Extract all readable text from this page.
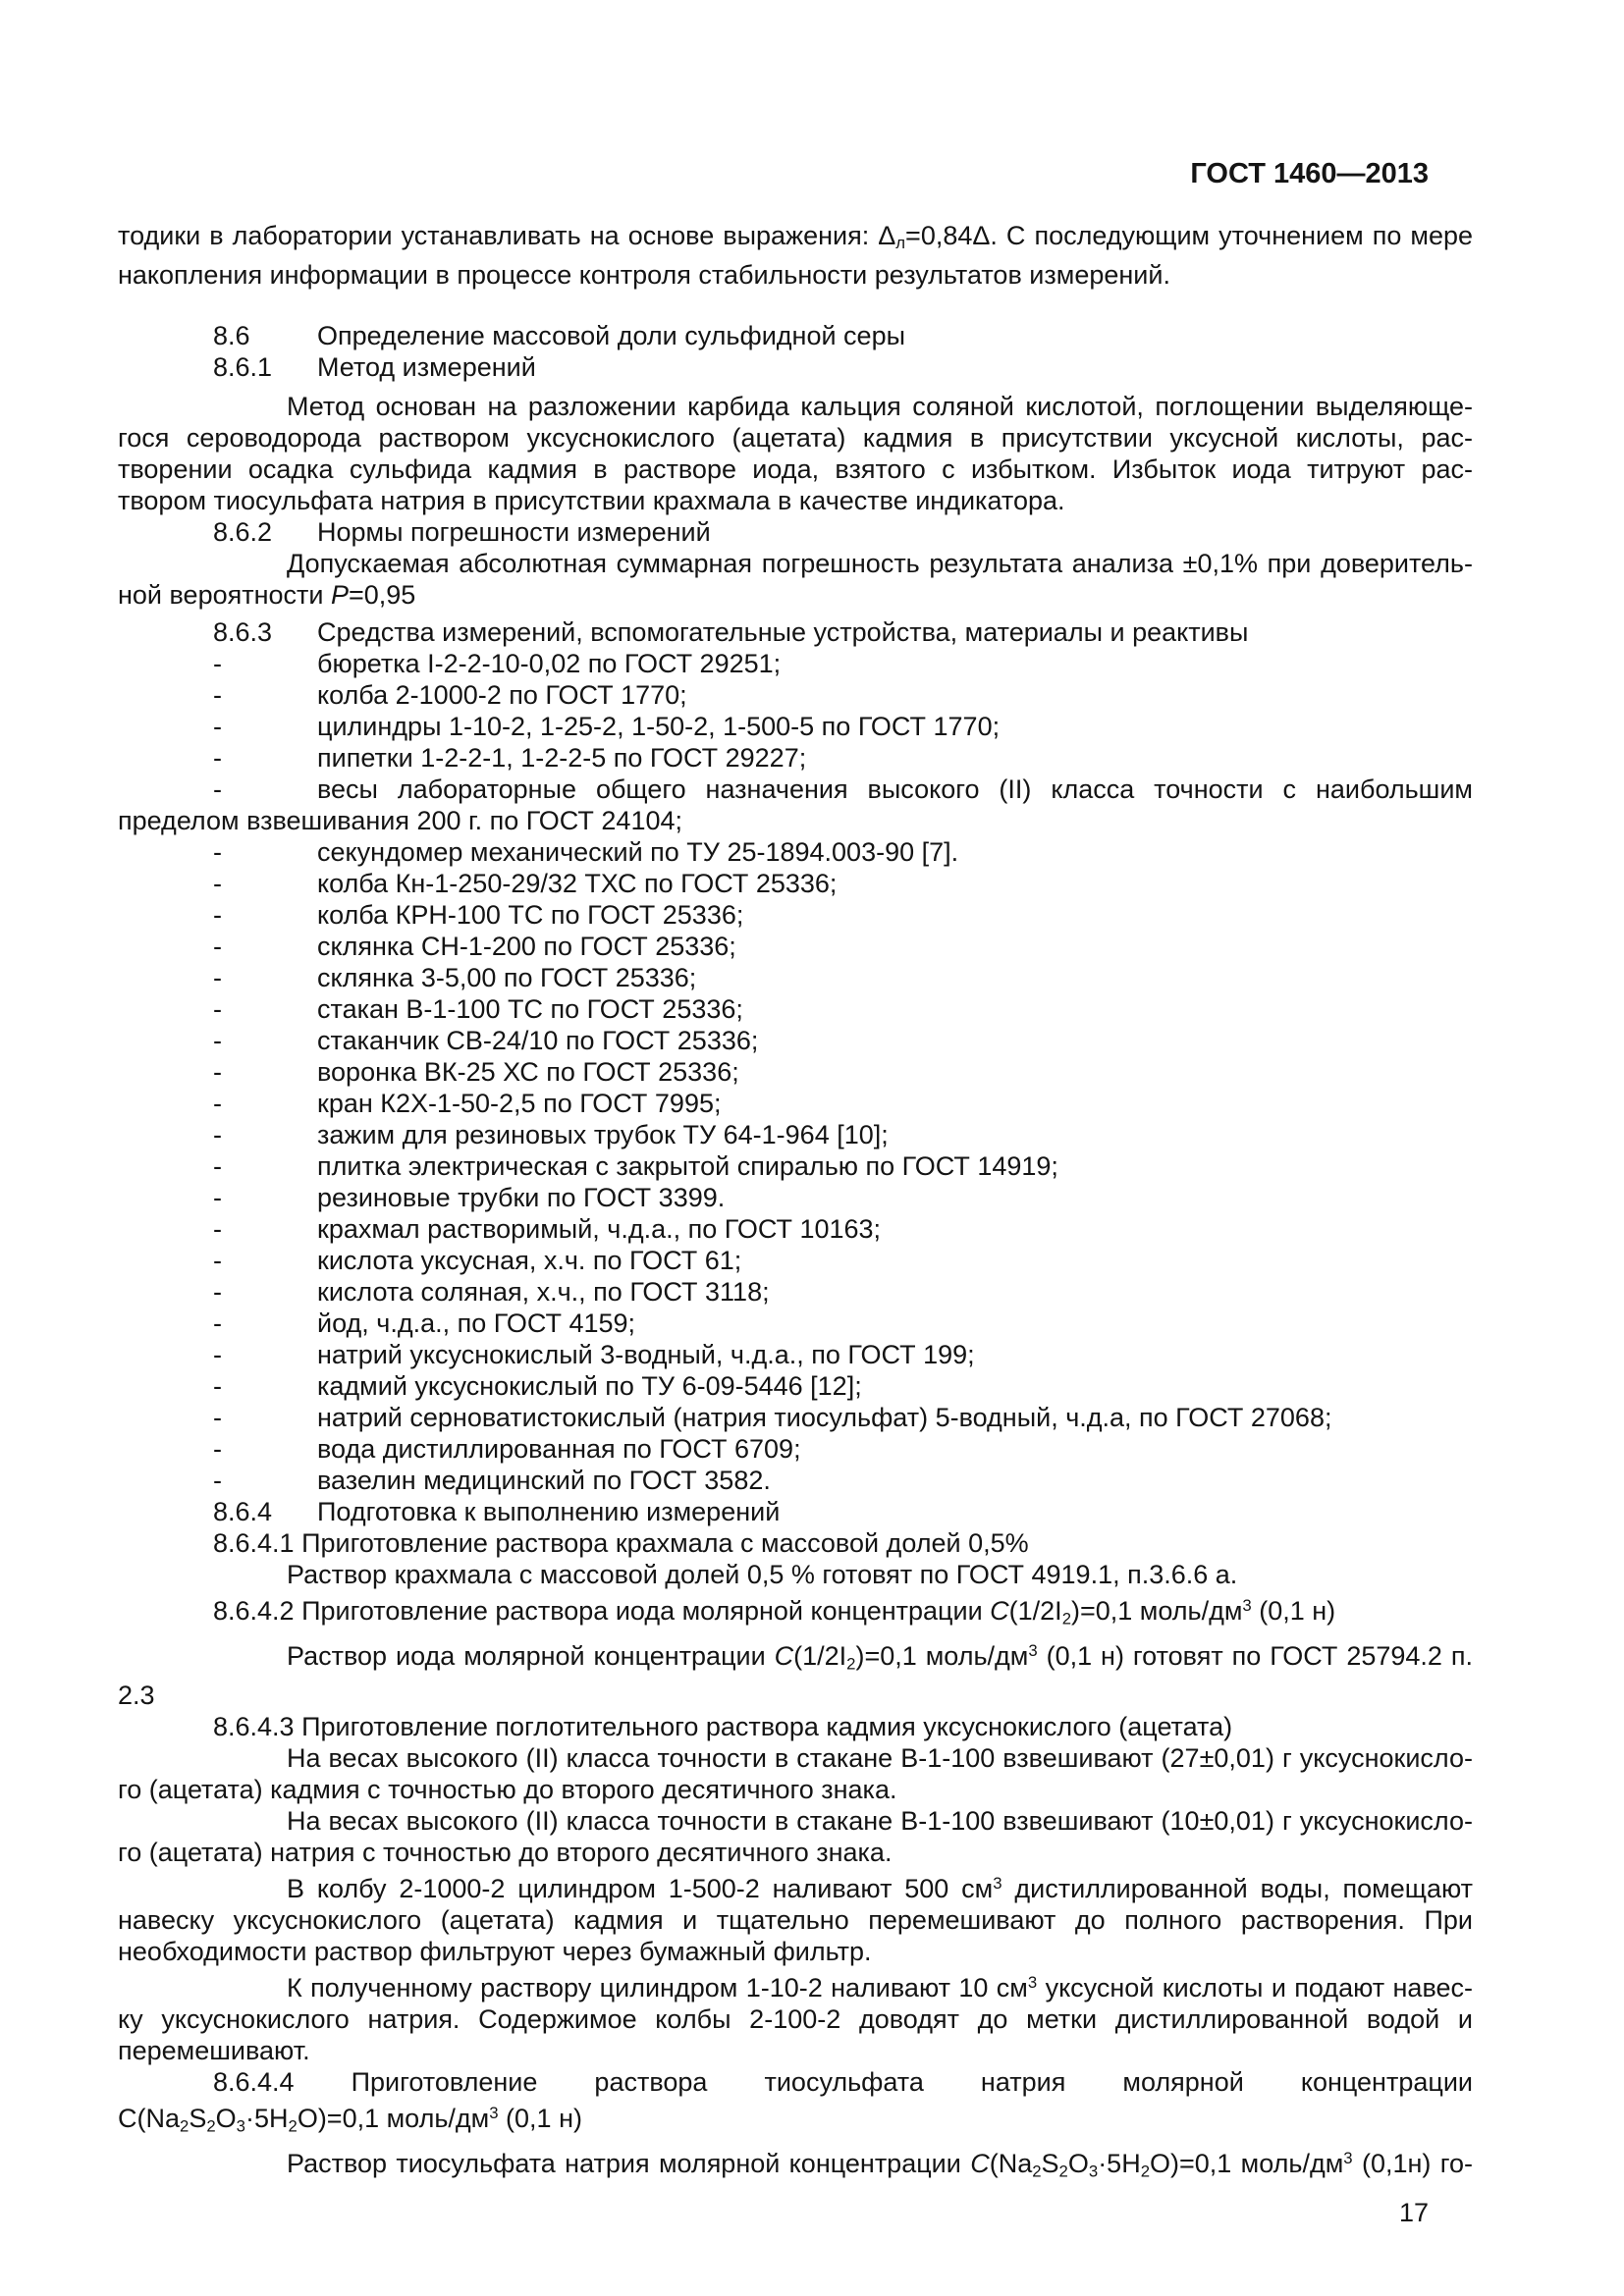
ГОСТ 1460—2013
тодики в лаборатории устанавливать на основе выражения: Δл=0,84Δ. С последующим уточнением по мере
накопления информации в процессе контроля стабильности результатов измерений.
8.6	Определение массовой доли сульфидной серы
8.6.1 Метод измерений
Метод основан на разложении карбида кальция соляной кислотой, поглощении выделяюще-
гося сероводорода раствором уксуснокислого (ацетата) кадмия в присутствии уксусной кислоты, рас-
творении осадка сульфида кадмия в растворе иода, взятого с избытком. Избыток иода титруют рас-
твором тиосульфата натрия в присутствии крахмала в качестве индикатора.
8.6.2 Нормы погрешности измерений
Допускаемая абсолютная суммарная погрешность результата анализа ±0,1% при доверитель-
ной вероятности Р=0,95
8.6.3 Средства измерений, вспомогательные устройства, материалы и реактивы
-	бюретка I-2-2-10-0,02 по ГОСТ 29251;
-	колба 2-1000-2 по ГОСТ 1770;
-	цилиндры 1-10-2, 1-25-2, 1-50-2, 1-500-5 по ГОСТ 1770;
-	пипетки 1-2-2-1, 1-2-2-5 по ГОСТ 29227;
-	весы лабораторные общего назначения высокого (II) класса точности с наибольшим
пределом взвешивания 200 г. по ГОСТ 24104;
-	секундомер механический по ТУ 25-1894.003-90 [7].
-	колба Кн-1-250-29/32 ТХС по ГОСТ 25336;
-	колба КРН-100 ТС по ГОСТ 25336;
-	склянка СН-1-200 по ГОСТ 25336;
-	склянка 3-5,00 по ГОСТ 25336;
-	стакан В-1-100 ТС по ГОСТ 25336;
-	стаканчик СВ-24/10 по ГОСТ 25336;
-	воронка ВК-25 ХС по ГОСТ 25336;
-	кран К2Х-1-50-2,5 по ГОСТ 7995;
-	зажим для резиновых трубок ТУ 64-1-964 [10];
-	плитка электрическая с закрытой спиралью по ГОСТ 14919;
-	резиновые трубки по ГОСТ 3399.
-	крахмал растворимый, ч.д.а., по ГОСТ 10163;
-	кислота уксусная, х.ч. по ГОСТ 61;
-	кислота соляная, х.ч., по ГОСТ 3118;
-	йод, ч.д.а., по ГОСТ 4159;
-	натрий уксуснокислый 3-водный, ч.д.а., по ГОСТ 199;
-	кадмий уксуснокислый по ТУ 6-09-5446 [12];
-	натрий серноватистокислый (натрия тиосульфат) 5-водный, ч.д.а, по ГОСТ 27068;
-	вода дистиллированная по ГОСТ 6709;
-	вазелин медицинский по ГОСТ 3582.
8.6.4 Подготовка к выполнению измерений
8.6.4.1 Приготовление раствора крахмала с массовой долей 0,5%
Раствор крахмала с массовой долей 0,5 % готовят по ГОСТ 4919.1, п.3.6.6 а.
8.6.4.2 Приготовление раствора иода молярной концентрации С(1/2I2)=0,1 моль/$дм^3$ (0,1 н)
Раствор иода молярной концентрации С(1/2I2)=0,1 моль/$дм^3$ (0,1 н) готовят по ГОСТ 25794.2 п.
2.3
8.6.4.3 Приготовление поглотительного раствора кадмия уксуснокислого (ацетата)
На весах высокого (II) класса точности в стакане В-1-100 взвешивают (27±0,01) г уксуснокисло-
го (ацетата) кадмия с точностью до второго десятичного знака.
На весах высокого (II) класса точности в стакане В-1-100 взвешивают (10±0,01) г уксуснокисло-
го (ацетата) натрия с точностью до второго десятичного знака.
В колбу 2-1000-2 цилиндром 1-500-2 наливают 500 $см^3$ дистиллированной воды, помещают
навеску уксуснокислого (ацетата) кадмия и тщательно перемешивают до полного растворения. При
необходимости раствор фильтруют через бумажный фильтр.
К полученному раствору цилиндром 1-10-2 наливают 10 $см^3$ уксусной кислоты и подают навес-
ку уксуснокислого натрия. Содержимое колбы 2-100-2 доводят до метки дистиллированной водой и
перемешивают.
8.6.4.4 Приготовление раствора тиосульфата натрия молярной концентрации
С(Na2S2O3·5H2O)=0,1 моль/$дм^3$ (0,1 н)
Раствор тиосульфата натрия молярной концентрации С(Na2S2O3·5H2O)=0,1 моль/$дм^3$ (0,1н) го-
17
